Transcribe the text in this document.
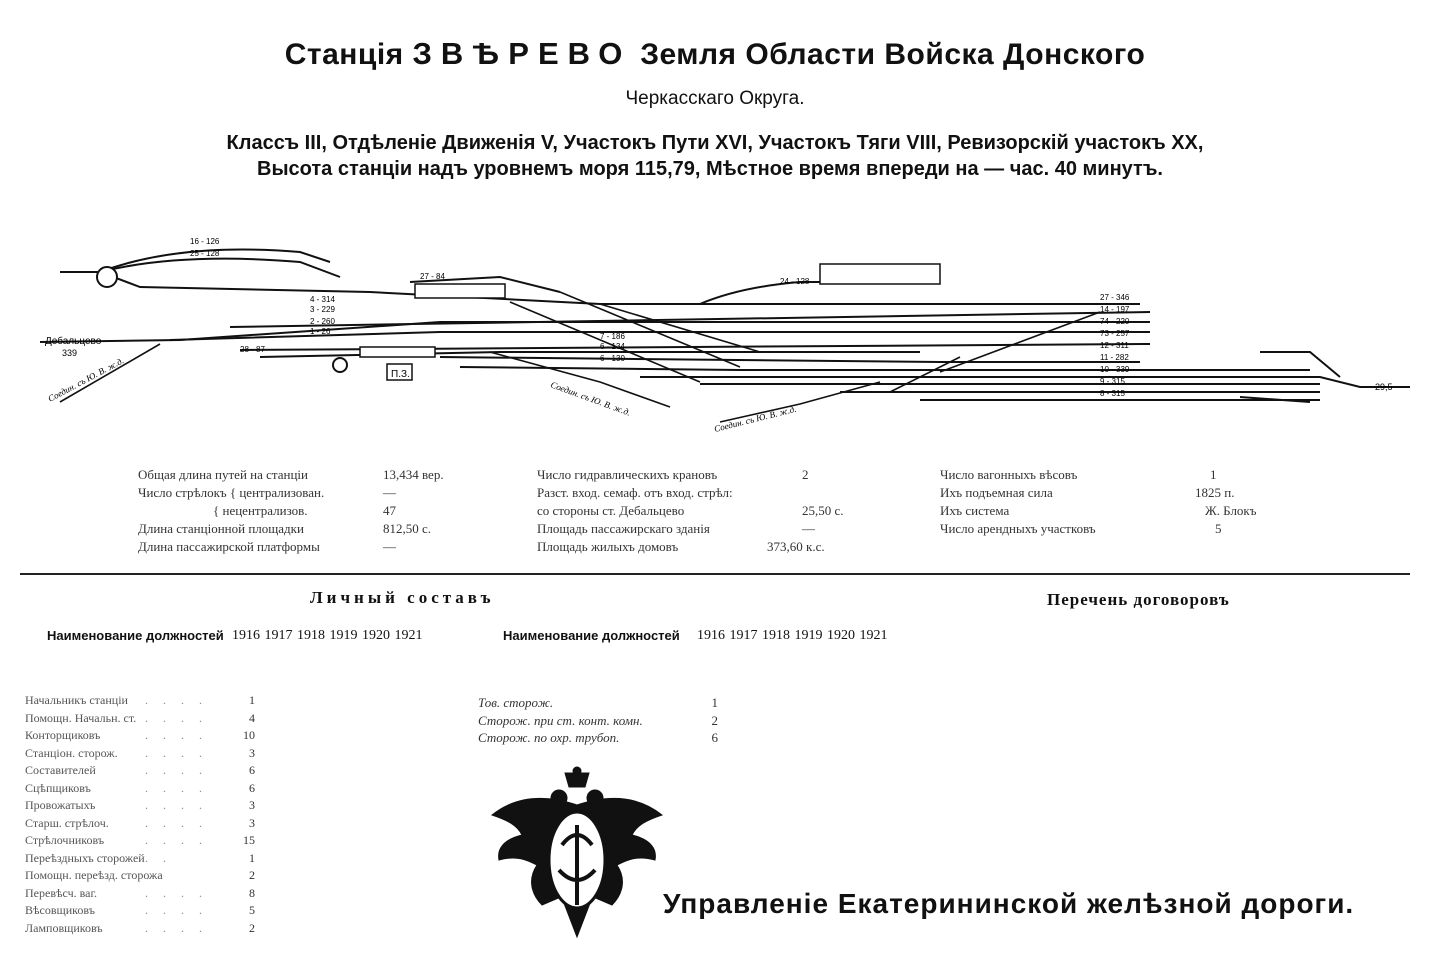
Станція ЗВѢРЕВО Земля Области Войска Донского
Черкасскаго Округа.
Классъ III, Отдѣленіе Движенія V, Участокъ Пути XVI, Участокъ Тяги VIII, Ревизорскій участокъ XX,
Высота станціи надъ уровнемъ моря 115,79, Мѣстное время впереди на — час. 40 минутъ.
П.З.
Дебальцево
339
29,5
Соедин. съ Ю. В. ж.д.	Соедин. съ Ю. В. ж.д.
Соедин. съ Ю. В. ж.д.
16 - 126
25 - 128
27 - 84
24 - 128
4 - 314
3 - 229
2 - 260
1 - 26
28 - 87
7 - 186
6 - 134
6 - 130
27 - 346
14 - 197
74 - 220
73 - 257
12 - 311
11 - 282
10 - 339
9 - 315
8 - 315
Общая длина путей на станціи	13,434 вер.
Число стрѣлокъ { централизован.	—
{ нецентрализов.	47
Длина станціонной площадки	812,50 с.
Длина пассажирской платформы	—
Число гидравлическихъ крановъ	2
Разст. вход. семаф. отъ вход. стрѣл:
со стороны ст. Дебальцево	25,50 с.
Площадь пассажирскаго зданія	—
Площадь жилыхъ домовъ	373,60 к.с.
Число вагонныхъ вѣсовъ	1
Ихъ подъемная сила	1825 п.
Ихъ система	Ж. Блокъ
Число арендныхъ участковъ	5
Личный составъ	Перечень договоровъ
Наименование должностей 1916 1917 1918 1919 1920 1921	Наименование должностей 1916 1917 1918 1919 1920 1921
Начальникъ станціи . . . .	1
Помощн. Начальн. ст. . . . .	4
Конторщиковъ	. . . .	10
Станціон. сторож. . . . .	3
Составителей	. . . .	6
Сцѣпщиковъ	. . . .	6
Провожатыхъ	. . . .	3
Старш. стрѣлоч.	. . . .	3
Стрѣлочниковъ	. . . .	15
Переѣздныхъ сторожей . .	1
Помощн. переѣзд. сторожа	2
Перевѣсч. ваг.	. . . .	8
Вѣсовщиковъ	. . . .	5
Ламповщиковъ	. . . .	2
Тов. сторож.	1
Сторож. при ст. конт. комн.	2
Сторож. по охр. трубоп.	6
Управленіе Екатерининской желѣзной дороги.
